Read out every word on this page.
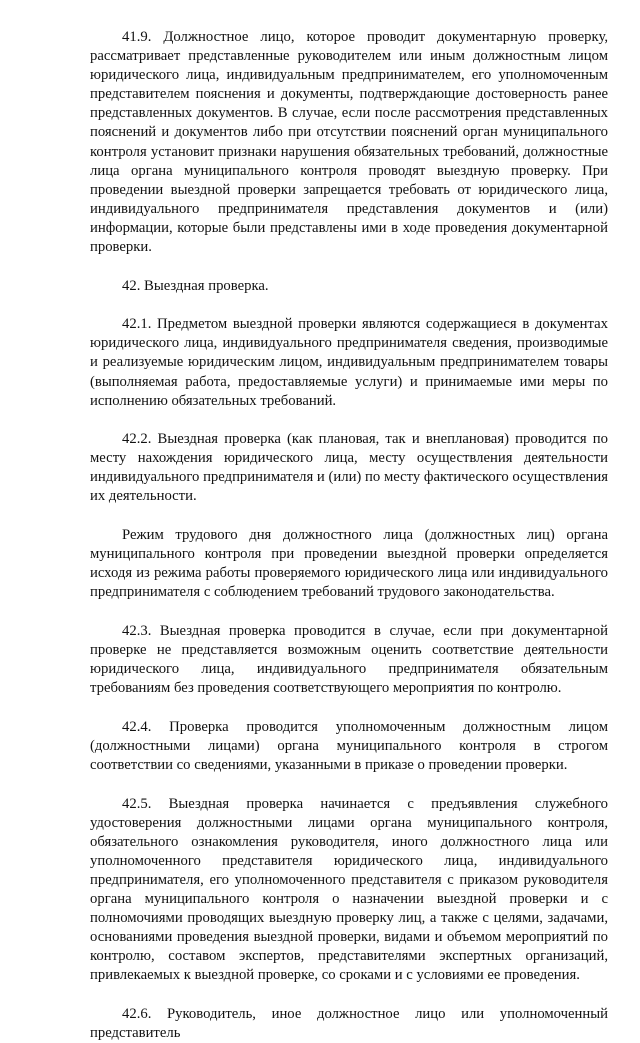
41.9. Должностное лицо, которое проводит документарную проверку, рассматривает представленные руководителем или иным должностным лицом юридического лица, индивидуальным предпринимателем, его уполномоченным представителем пояснения и документы, подтверждающие достоверность ранее представленных документов. В случае, если после рассмотрения представленных пояснений и документов либо при отсутствии пояснений орган муниципального контроля установит признаки нарушения обязательных требований, должностные лица органа муниципального контроля проводят выездную проверку. При проведении выездной проверки запрещается требовать от юридического лица, индивидуального предпринимателя представления документов и (или) информации, которые были представлены ими в ходе проведения документарной проверки.

42. Выездная проверка.

42.1. Предметом выездной проверки являются содержащиеся в документах юридического лица, индивидуального предпринимателя сведения, производимые и реализуемые юридическим лицом, индивидуальным предпринимателем товары (выполняемая работа, предоставляемые услуги) и принимаемые ими меры по исполнению обязательных требований.

42.2. Выездная проверка (как плановая, так и внеплановая) проводится по месту нахождения юридического лица, месту осуществления деятельности индивидуального предпринимателя и (или) по месту фактического осуществления их деятельности.

Режим трудового дня должностного лица (должностных лиц) органа муниципального контроля при проведении выездной проверки определяется исходя из режима работы проверяемого юридического лица или индивидуального предпринимателя с соблюдением требований трудового законодательства.

42.3. Выездная проверка проводится в случае, если при документарной проверке не представляется возможным оценить соответствие деятельности юридического лица, индивидуального предпринимателя обязательным требованиям без проведения соответствующего мероприятия по контролю.

42.4. Проверка проводится уполномоченным должностным лицом (должностными лицами) органа муниципального контроля в строгом соответствии со сведениями, указанными в приказе о проведении проверки.

42.5. Выездная проверка начинается с предъявления служебного удостоверения должностными лицами органа муниципального контроля, обязательного ознакомления руководителя, иного должностного лица или уполномоченного представителя юридического лица, индивидуального предпринимателя, его уполномоченного представителя с приказом руководителя органа муниципального контроля о назначении выездной проверки и с полномочиями проводящих выездную проверку лиц, а также с целями, задачами, основаниями проведения выездной проверки, видами и объемом мероприятий по контролю, составом экспертов, представителями экспертных организаций, привлекаемых к выездной проверке, со сроками и с условиями ее проведения.

42.6. Руководитель, иное должностное лицо или уполномоченный представитель
